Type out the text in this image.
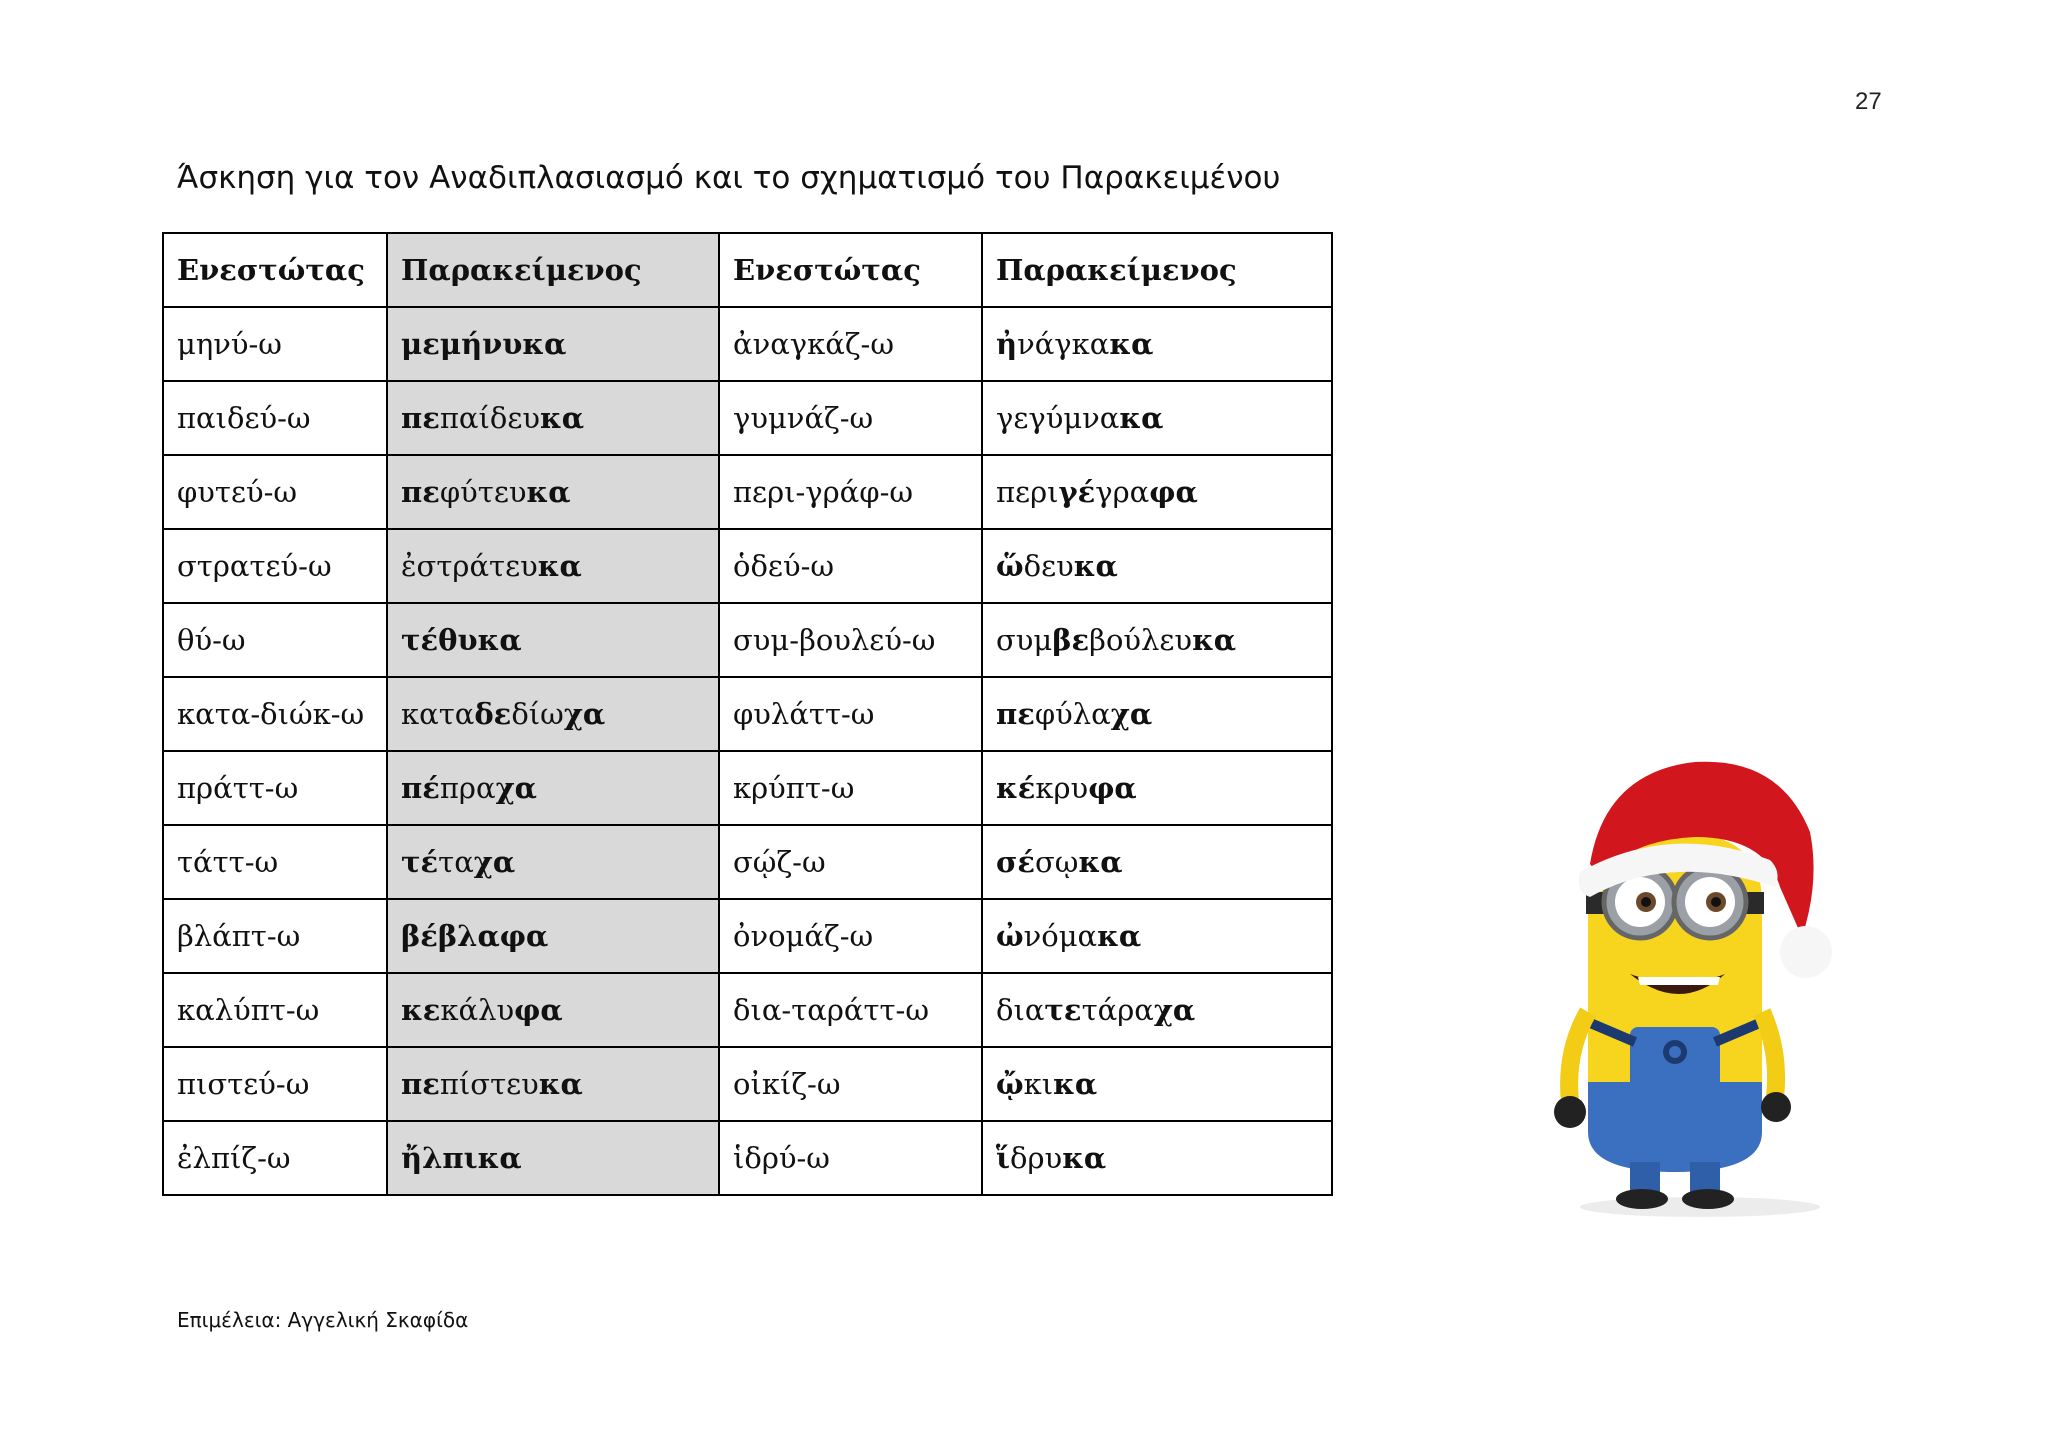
27
Άσκηση για τον Αναδιπλασιασμό και το σχηματισμό του Παρακειμένου
Ενεστώτας	Παρακείμενος	Ενεστώτας	Παρακείμενος
μηνύ-ω	μεμήνυκα	ἀναγκάζ-ω	ἠνάγκακα
παιδεύ-ω	πεπαίδευκα	γυμνάζ-ω	γεγύμνακα
φυτεύ-ω	πεφύτευκα	περι-γράφ-ω	περιγέγραφα
στρατεύ-ω	ἐστράτευκα	ὁδεύ-ω	ὥδευκα
θύ-ω	τέθυκα	συμ-βουλεύ-ω	συμβεβούλευκα
κατα-διώκ-ω	καταδεδίωχα	φυλάττ-ω	πεφύλαχα
πράττ-ω	πέπραχα	κρύπτ-ω	κέκρυφα
τάττ-ω	τέταχα	σῴζ-ω	σέσῳκα
βλάπτ-ω	βέβλαφα	ὀνομάζ-ω	ὠνόμακα
καλύπτ-ω	κεκάλυφα	δια-ταράττ-ω	διατετάραχα
πιστεύ-ω	πεπίστευκα	οἰκίζ-ω	ᾤκικα
ἐλπίζ-ω	ἤλπικα	ἱδρύ-ω	ἵδρυκα
Επιμέλεια: Αγγελική Σκαφίδα
